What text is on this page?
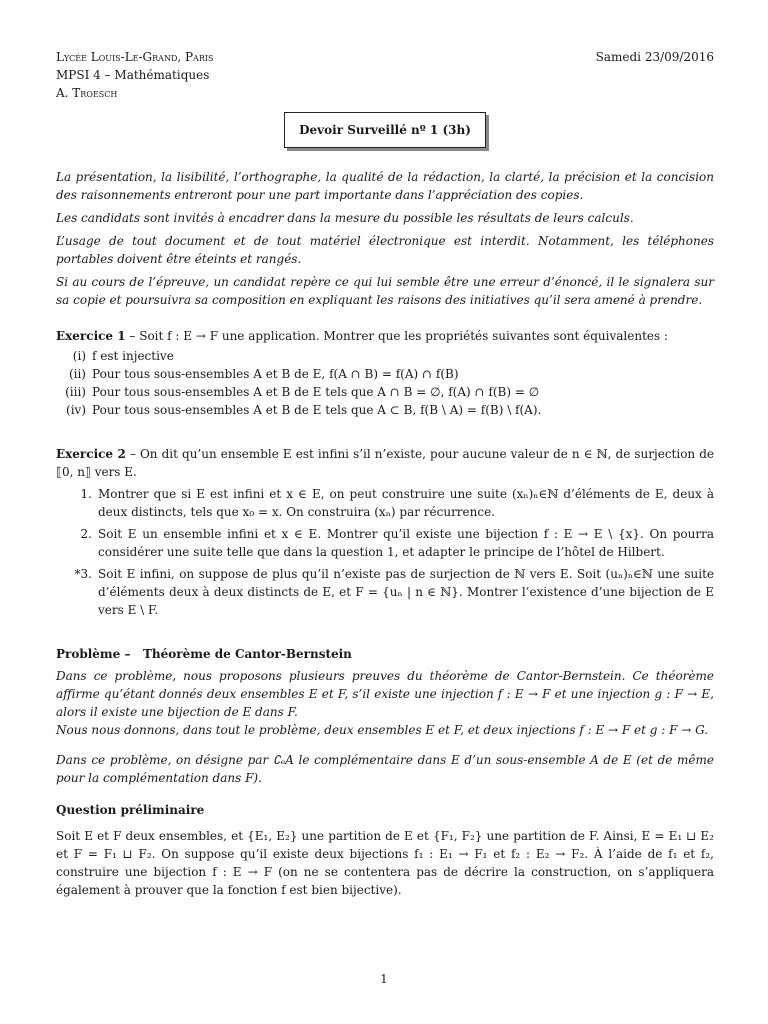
Lycée Louis-Le-Grand, Paris
MPSI 4 – Mathématiques
A. Troesch
Samedi 23/09/2016
Devoir Surveillé nº 1 (3h)

La présentation, la lisibilité, l’orthographe, la qualité de la rédaction, la clarté, la précision et la concision des raisonnements entreront pour une part importante dans l’appréciation des copies.

Les candidats sont invités à encadrer dans la mesure du possible les résultats de leurs calculs.

L’usage de tout document et de tout matériel électronique est interdit. Notamment, les téléphones portables doivent être éteints et rangés.

Si au cours de l’épreuve, un candidat repère ce qui lui semble être une erreur d’énoncé, il le signalera sur sa copie et poursuivra sa composition en expliquant les raisons des initiatives qu’il sera amené à prendre.

Exercice 1 – Soit f : E → F une application. Montrer que les propriétés suivantes sont équivalentes :
(i) f est injective
(ii) Pour tous sous-ensembles A et B de E, f(A ∩ B) = f(A) ∩ f(B)
(iii) Pour tous sous-ensembles A et B de E tels que A ∩ B = ∅, f(A) ∩ f(B) = ∅
(iv) Pour tous sous-ensembles A et B de E tels que A ⊂ B, f(B \ A) = f(B) \ f(A).
Exercice 2 – On dit qu’un ensemble E est infini s’il n’existe, pour aucune valeur de n ∈ ℕ, de surjection de ⟦0, n⟧ vers E.
1. Montrer que si E est infini et x ∈ E, on peut construire une suite (xₙ)ₙ∈ℕ d’éléments de E, deux à deux distincts, tels que x₀ = x. On construira (xₙ) par récurrence.
2. Soit E un ensemble infini et x ∈ E. Montrer qu’il existe une bijection f : E → E \ {x}. On pourra considérer une suite telle que dans la question 1, et adapter le principe de l’hôtel de Hilbert.
*3. Soit E infini, on suppose de plus qu’il n’existe pas de surjection de ℕ vers E. Soit (uₙ)ₙ∈ℕ une suite d’éléments deux à deux distincts de E, et F = {uₙ | n ∈ ℕ}. Montrer l’existence d’une bijection de E vers E \ F.
Problème – Théorème de Cantor-Bernstein

Dans ce problème, nous proposons plusieurs preuves du théorème de Cantor-Bernstein. Ce théorème affirme qu’étant donnés deux ensembles E et F, s’il existe une injection f : E → F et une injection g : F → E, alors il existe une bijection de E dans F.

Nous nous donnons, dans tout le problème, deux ensembles E et F, et deux injections f : E → F et g : F → G.

Dans ce problème, on désigne par ∁ₑA le complémentaire dans E d’un sous-ensemble A de E (et de même pour la complémentation dans F).

Question préliminaire
Soit E et F deux ensembles, et {E₁, E₂} une partition de E et {F₁, F₂} une partition de F. Ainsi, E = E₁ ⊔ E₂ et F = F₁ ⊔ F₂. On suppose qu’il existe deux bijections f₁ : E₁ → F₁ et f₂ : E₂ → F₂. À l’aide de f₁ et f₂, construire une bijection f : E → F (on ne se contentera pas de décrire la construction, on s’appliquera également à prouver que la fonction f est bien bijective).
1
